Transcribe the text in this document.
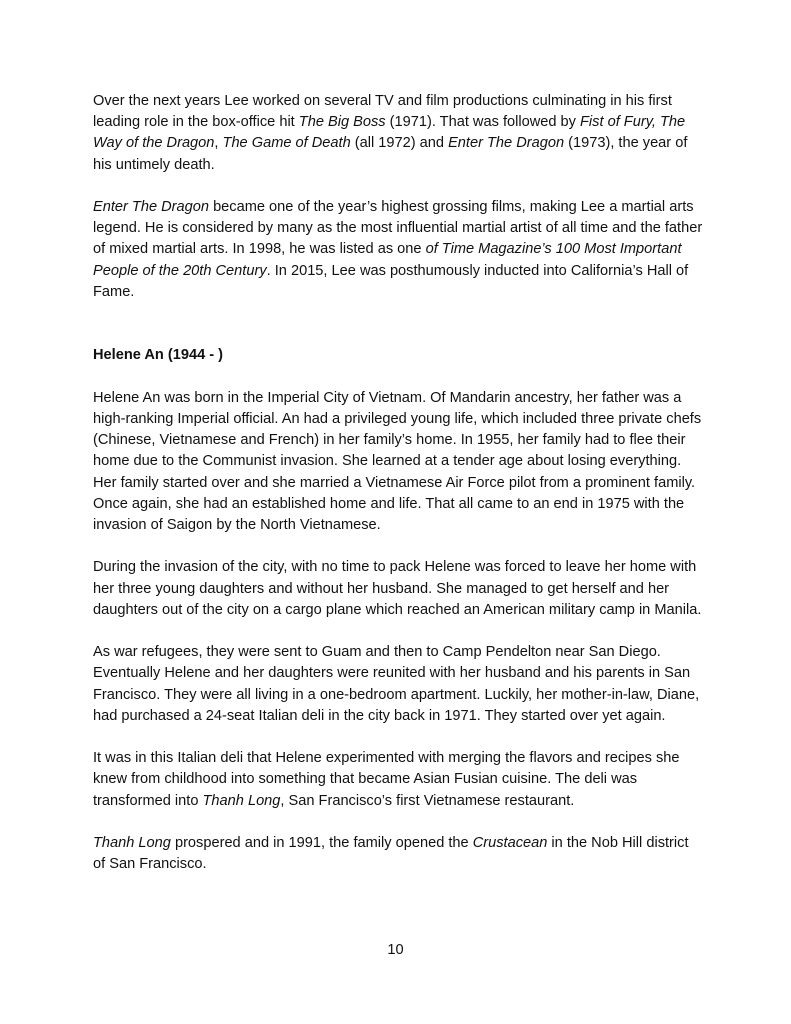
Over the next years Lee worked on several TV and film productions culminating in his first leading role in the box-office hit The Big Boss (1971). That was followed by Fist of Fury, The Way of the Dragon, The Game of Death (all 1972) and Enter The Dragon (1973), the year of his untimely death.

Enter The Dragon became one of the year’s highest grossing films, making Lee a martial arts legend. He is considered by many as the most influential martial artist of all time and the father of mixed martial arts. In 1998, he was listed as one of Time Magazine’s 100 Most Important People of the 20th Century. In 2015, Lee was posthumously inducted into California’s Hall of Fame.

Helene An (1944 - )

Helene An was born in the Imperial City of Vietnam. Of Mandarin ancestry, her father was a high-ranking Imperial official. An had a privileged young life, which included three private chefs (Chinese, Vietnamese and French) in her family’s home. In 1955, her family had to flee their home due to the Communist invasion. She learned at a tender age about losing everything. Her family started over and she married a Vietnamese Air Force pilot from a prominent family. Once again, she had an established home and life. That all came to an end in 1975 with the invasion of Saigon by the North Vietnamese.

During the invasion of the city, with no time to pack Helene was forced to leave her home with her three young daughters and without her husband. She managed to get herself and her daughters out of the city on a cargo plane which reached an American military camp in Manila.

As war refugees, they were sent to Guam and then to Camp Pendelton near San Diego. Eventually Helene and her daughters were reunited with her husband and his parents in San Francisco. They were all living in a one-bedroom apartment. Luckily, her mother-in-law, Diane, had purchased a 24-seat Italian deli in the city back in 1971. They started over yet again.

It was in this Italian deli that Helene experimented with merging the flavors and recipes she knew from childhood into something that became Asian Fusian cuisine. The deli was transformed into Thanh Long, San Francisco’s first Vietnamese restaurant.

Thanh Long prospered and in 1991, the family opened the Crustacean in the Nob Hill district of San Francisco.

10
